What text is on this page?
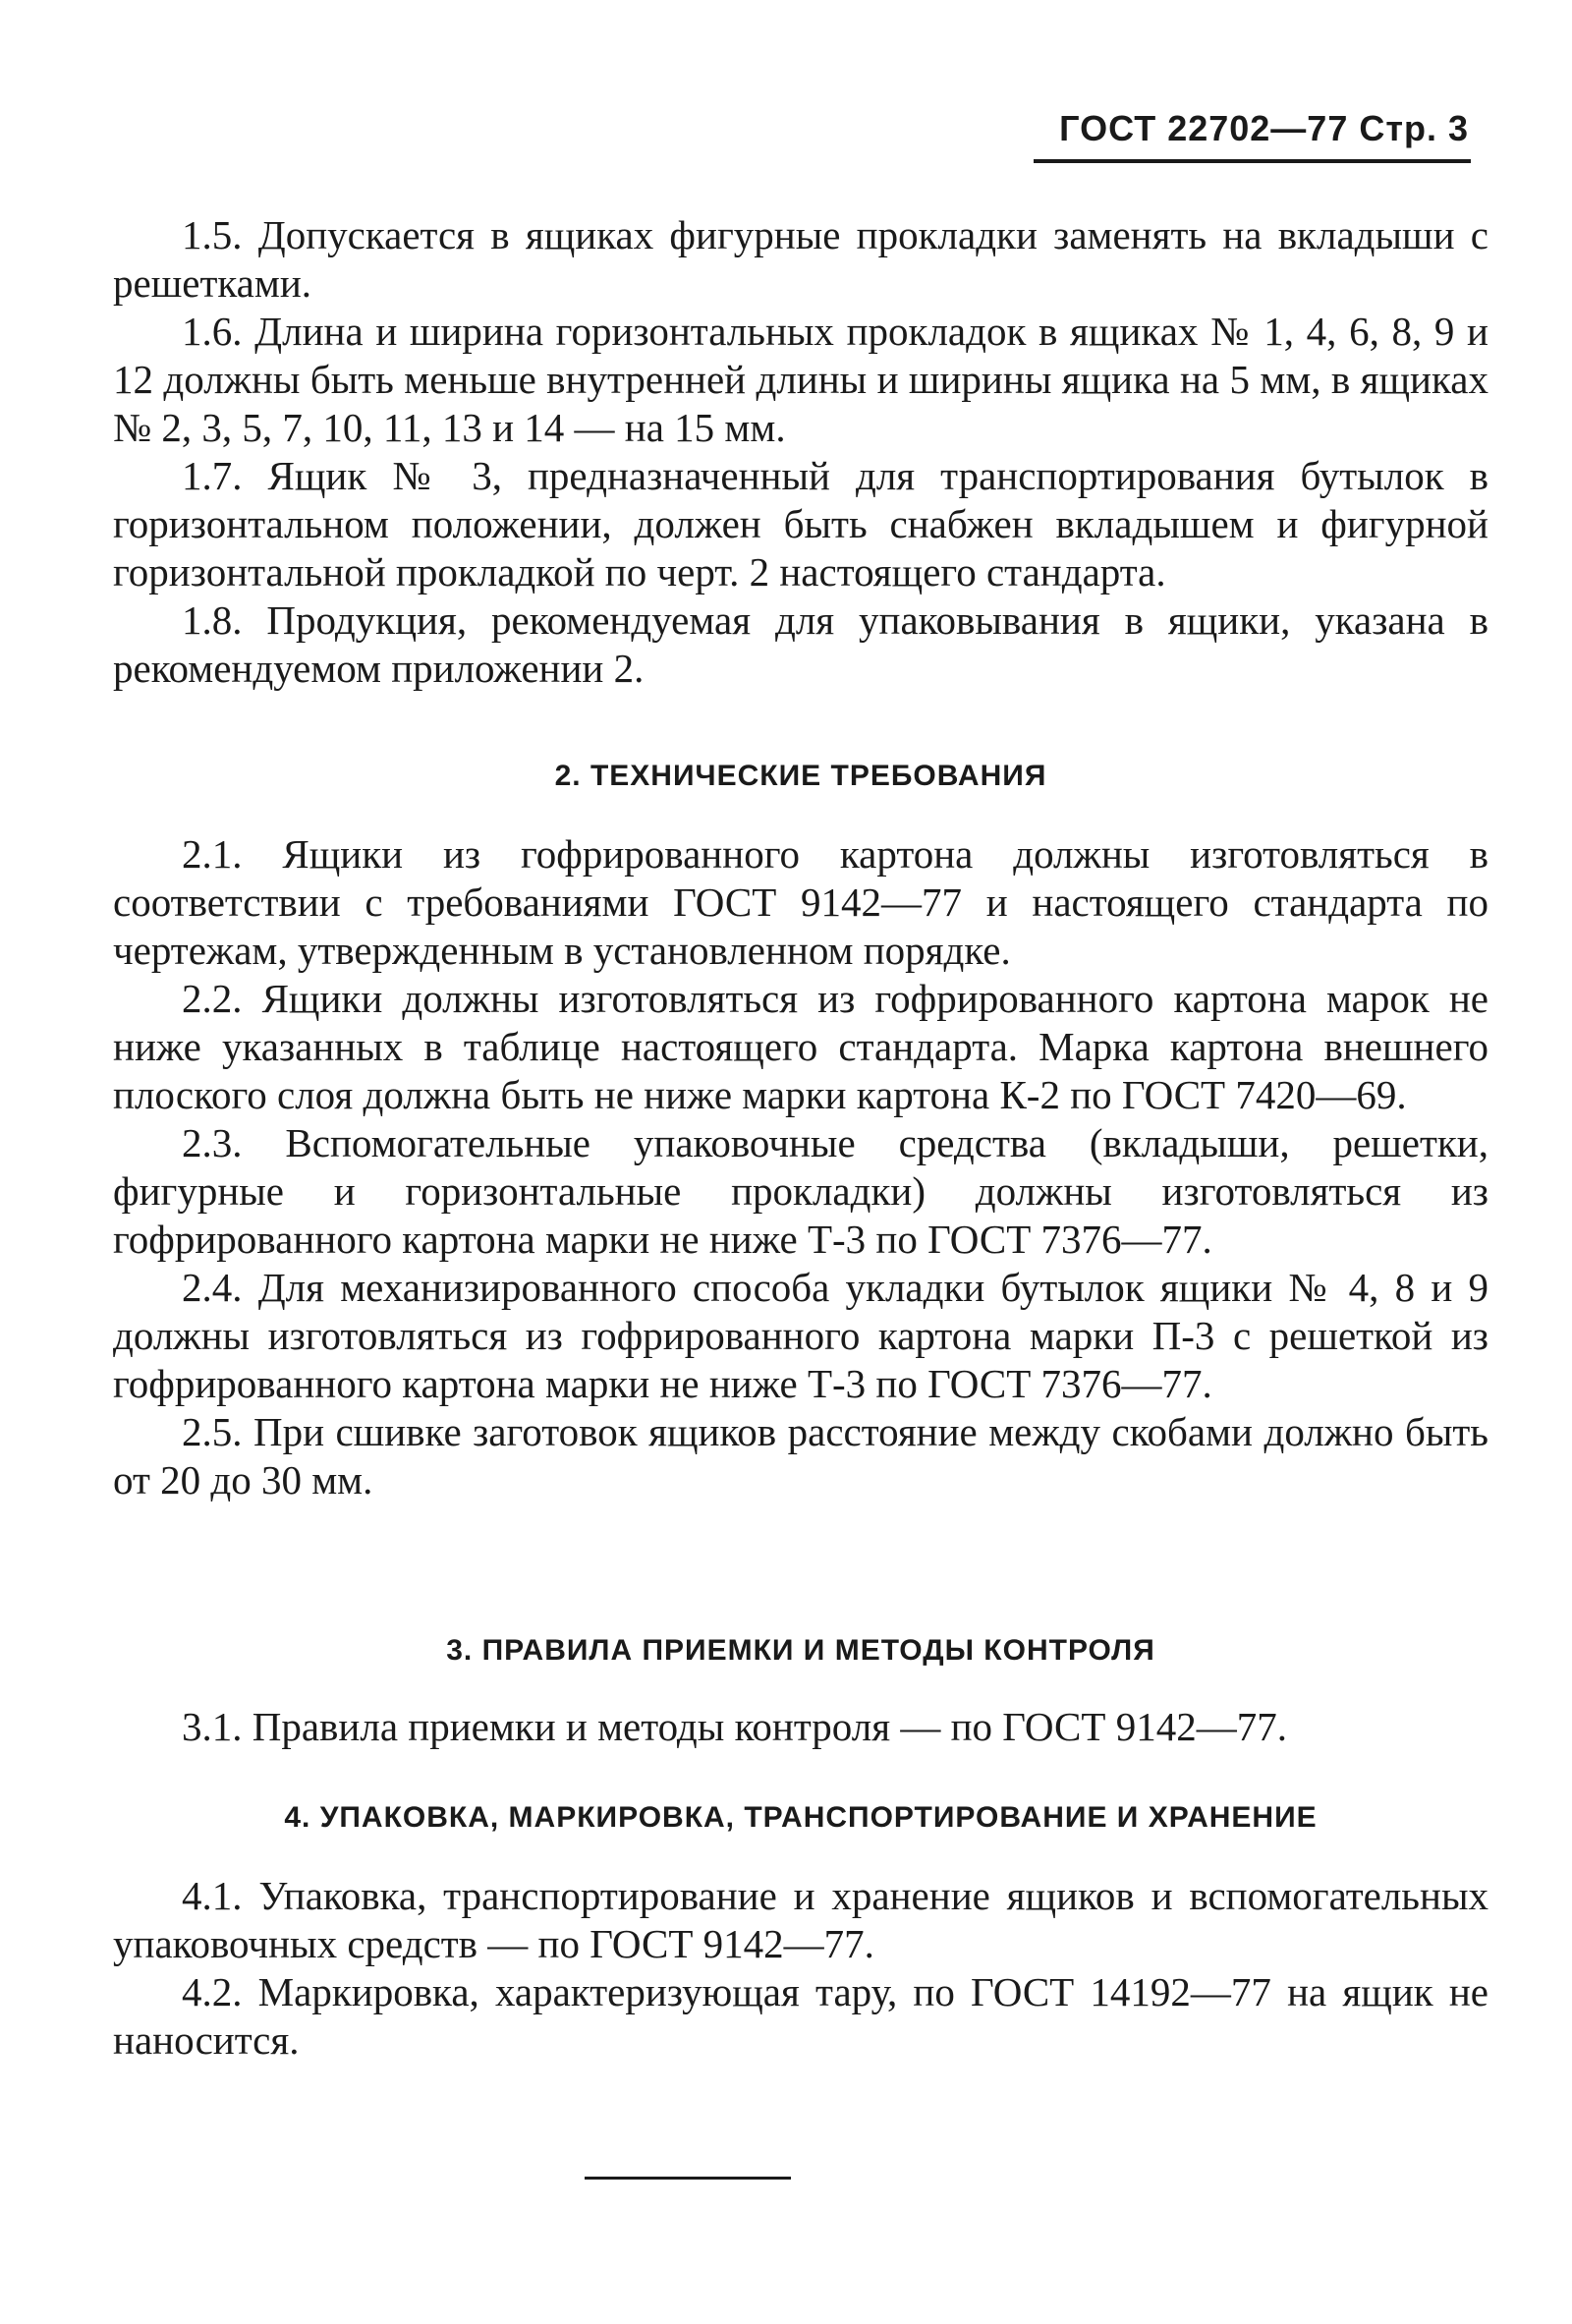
ГОСТ 22702—77 Стр. 3

1.5. Допускается в ящиках фигурные прокладки заменять на вкладыши с решетками.

1.6. Длина и ширина горизонтальных прокладок в ящиках № 1, 4, 6, 8, 9 и 12 должны быть меньше внутренней длины и ширины ящика на 5 мм, в ящиках № 2, 3, 5, 7, 10, 11, 13 и 14 — на 15 мм.

1.7. Ящик № 3, предназначенный для транспортирования бутылок в горизонтальном положении, должен быть снабжен вкладышем и фигурной горизонтальной прокладкой по черт. 2 настоящего стандарта.

1.8. Продукция, рекомендуемая для упаковывания в ящики, указана в рекомендуемом приложении 2.

2. ТЕХНИЧЕСКИЕ ТРЕБОВАНИЯ

2.1. Ящики из гофрированного картона должны изготовляться в соответствии с требованиями ГОСТ 9142—77 и настоящего стандарта по чертежам, утвержденным в установленном порядке.

2.2. Ящики должны изготовляться из гофрированного картона марок не ниже указанных в таблице настоящего стандарта. Марка картона внешнего плоского слоя должна быть не ниже марки картона К-2 по ГОСТ 7420—69.

2.3. Вспомогательные упаковочные средства (вкладыши, решетки, фигурные и горизонтальные прокладки) должны изготовляться из гофрированного картона марки не ниже Т-3 по ГОСТ 7376—77.

2.4. Для механизированного способа укладки бутылок ящики № 4, 8 и 9 должны изготовляться из гофрированного картона марки П-3 с решеткой из гофрированного картона марки не ниже Т-3 по ГОСТ 7376—77.

2.5. При сшивке заготовок ящиков расстояние между скобами должно быть от 20 до 30 мм.

3. ПРАВИЛА ПРИЕМКИ И МЕТОДЫ КОНТРОЛЯ

3.1. Правила приемки и методы контроля — по ГОСТ 9142—77.

4. УПАКОВКА, МАРКИРОВКА, ТРАНСПОРТИРОВАНИЕ И ХРАНЕНИЕ

4.1. Упаковка, транспортирование и хранение ящиков и вспомогательных упаковочных средств — по ГОСТ 9142—77.

4.2. Маркировка, характеризующая тару, по ГОСТ 14192—77 на ящик не наносится.
